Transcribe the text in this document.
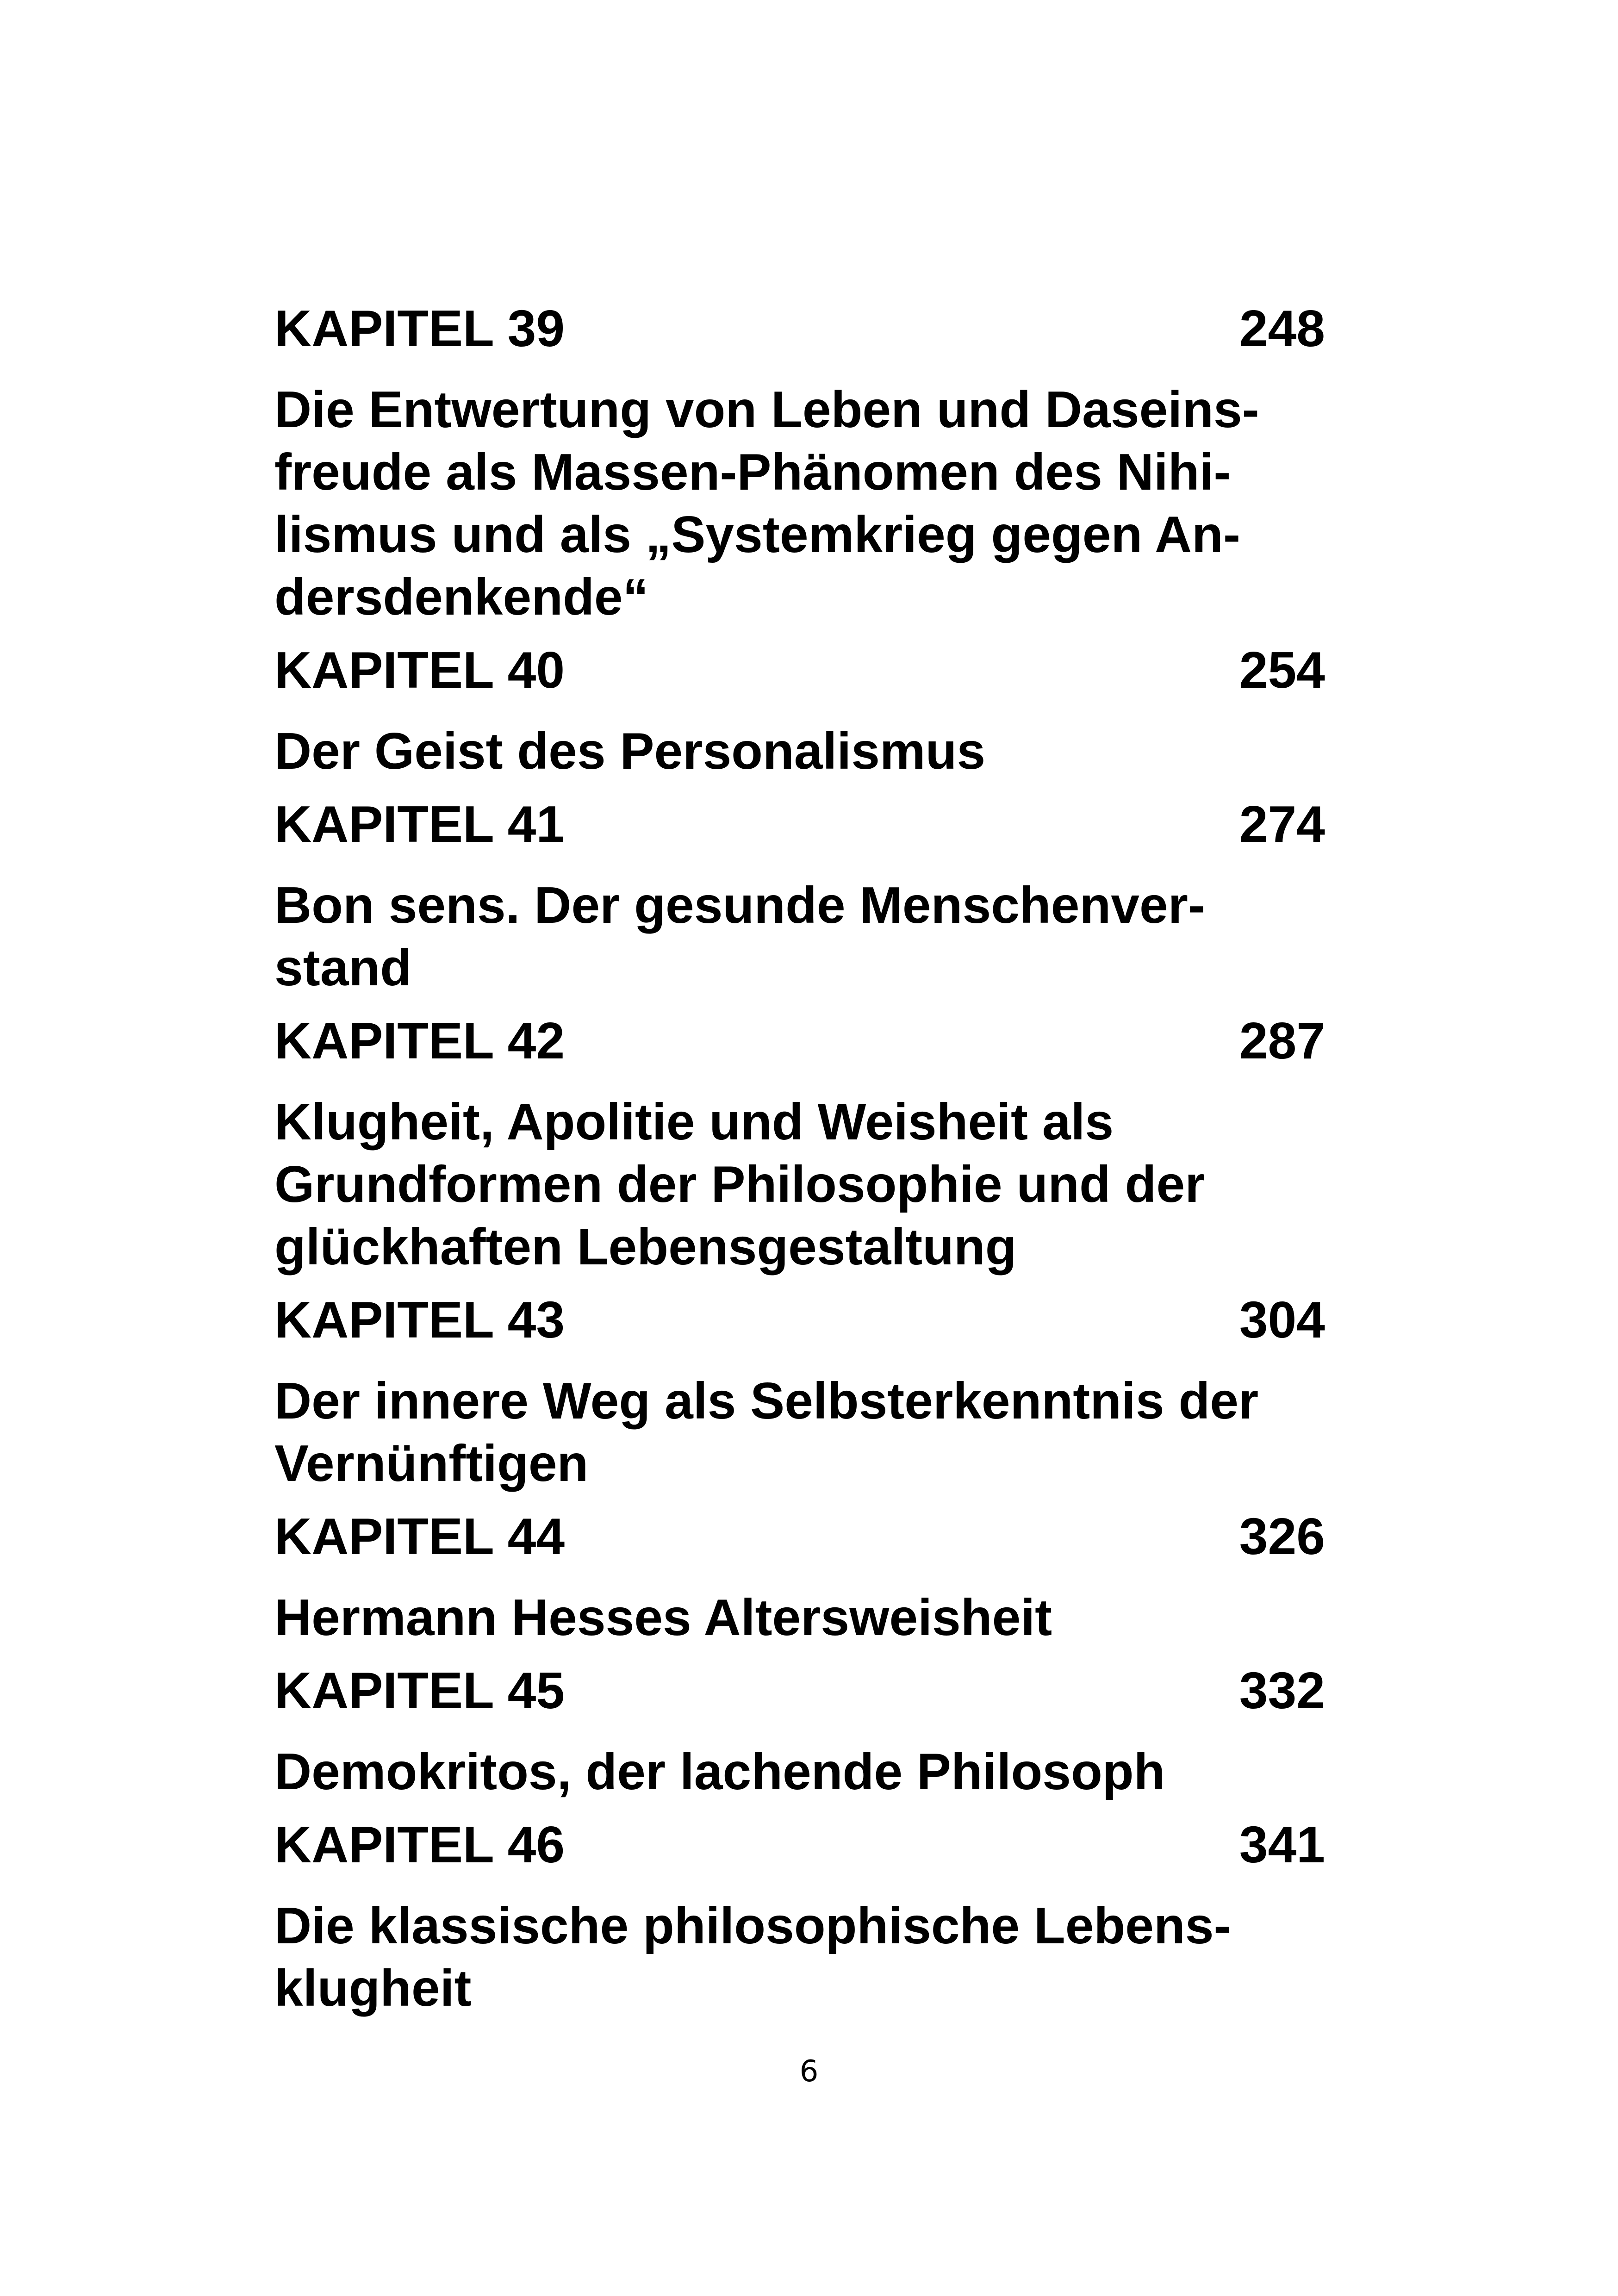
KAPITEL 39	248
Die Entwertung von Leben und Daseins-
freude als Massen-Phänomen des Nihi-
lismus und als „Systemkrieg gegen An-
dersdenkende“
KAPITEL 40	254
Der Geist des Personalismus
KAPITEL 41	274
Bon sens. Der gesunde Menschenver-
stand
KAPITEL 42	287
Klugheit, Apolitie und Weisheit als
Grundformen der Philosophie und der
glückhaften Lebensgestaltung
KAPITEL 43	304
Der innere Weg als Selbsterkenntnis der
Vernünftigen
KAPITEL 44	326
Hermann Hesses Altersweisheit
KAPITEL 45	332
Demokritos, der lachende Philosoph
KAPITEL 46	341
Die klassische philosophische Lebens-
klugheit
6
